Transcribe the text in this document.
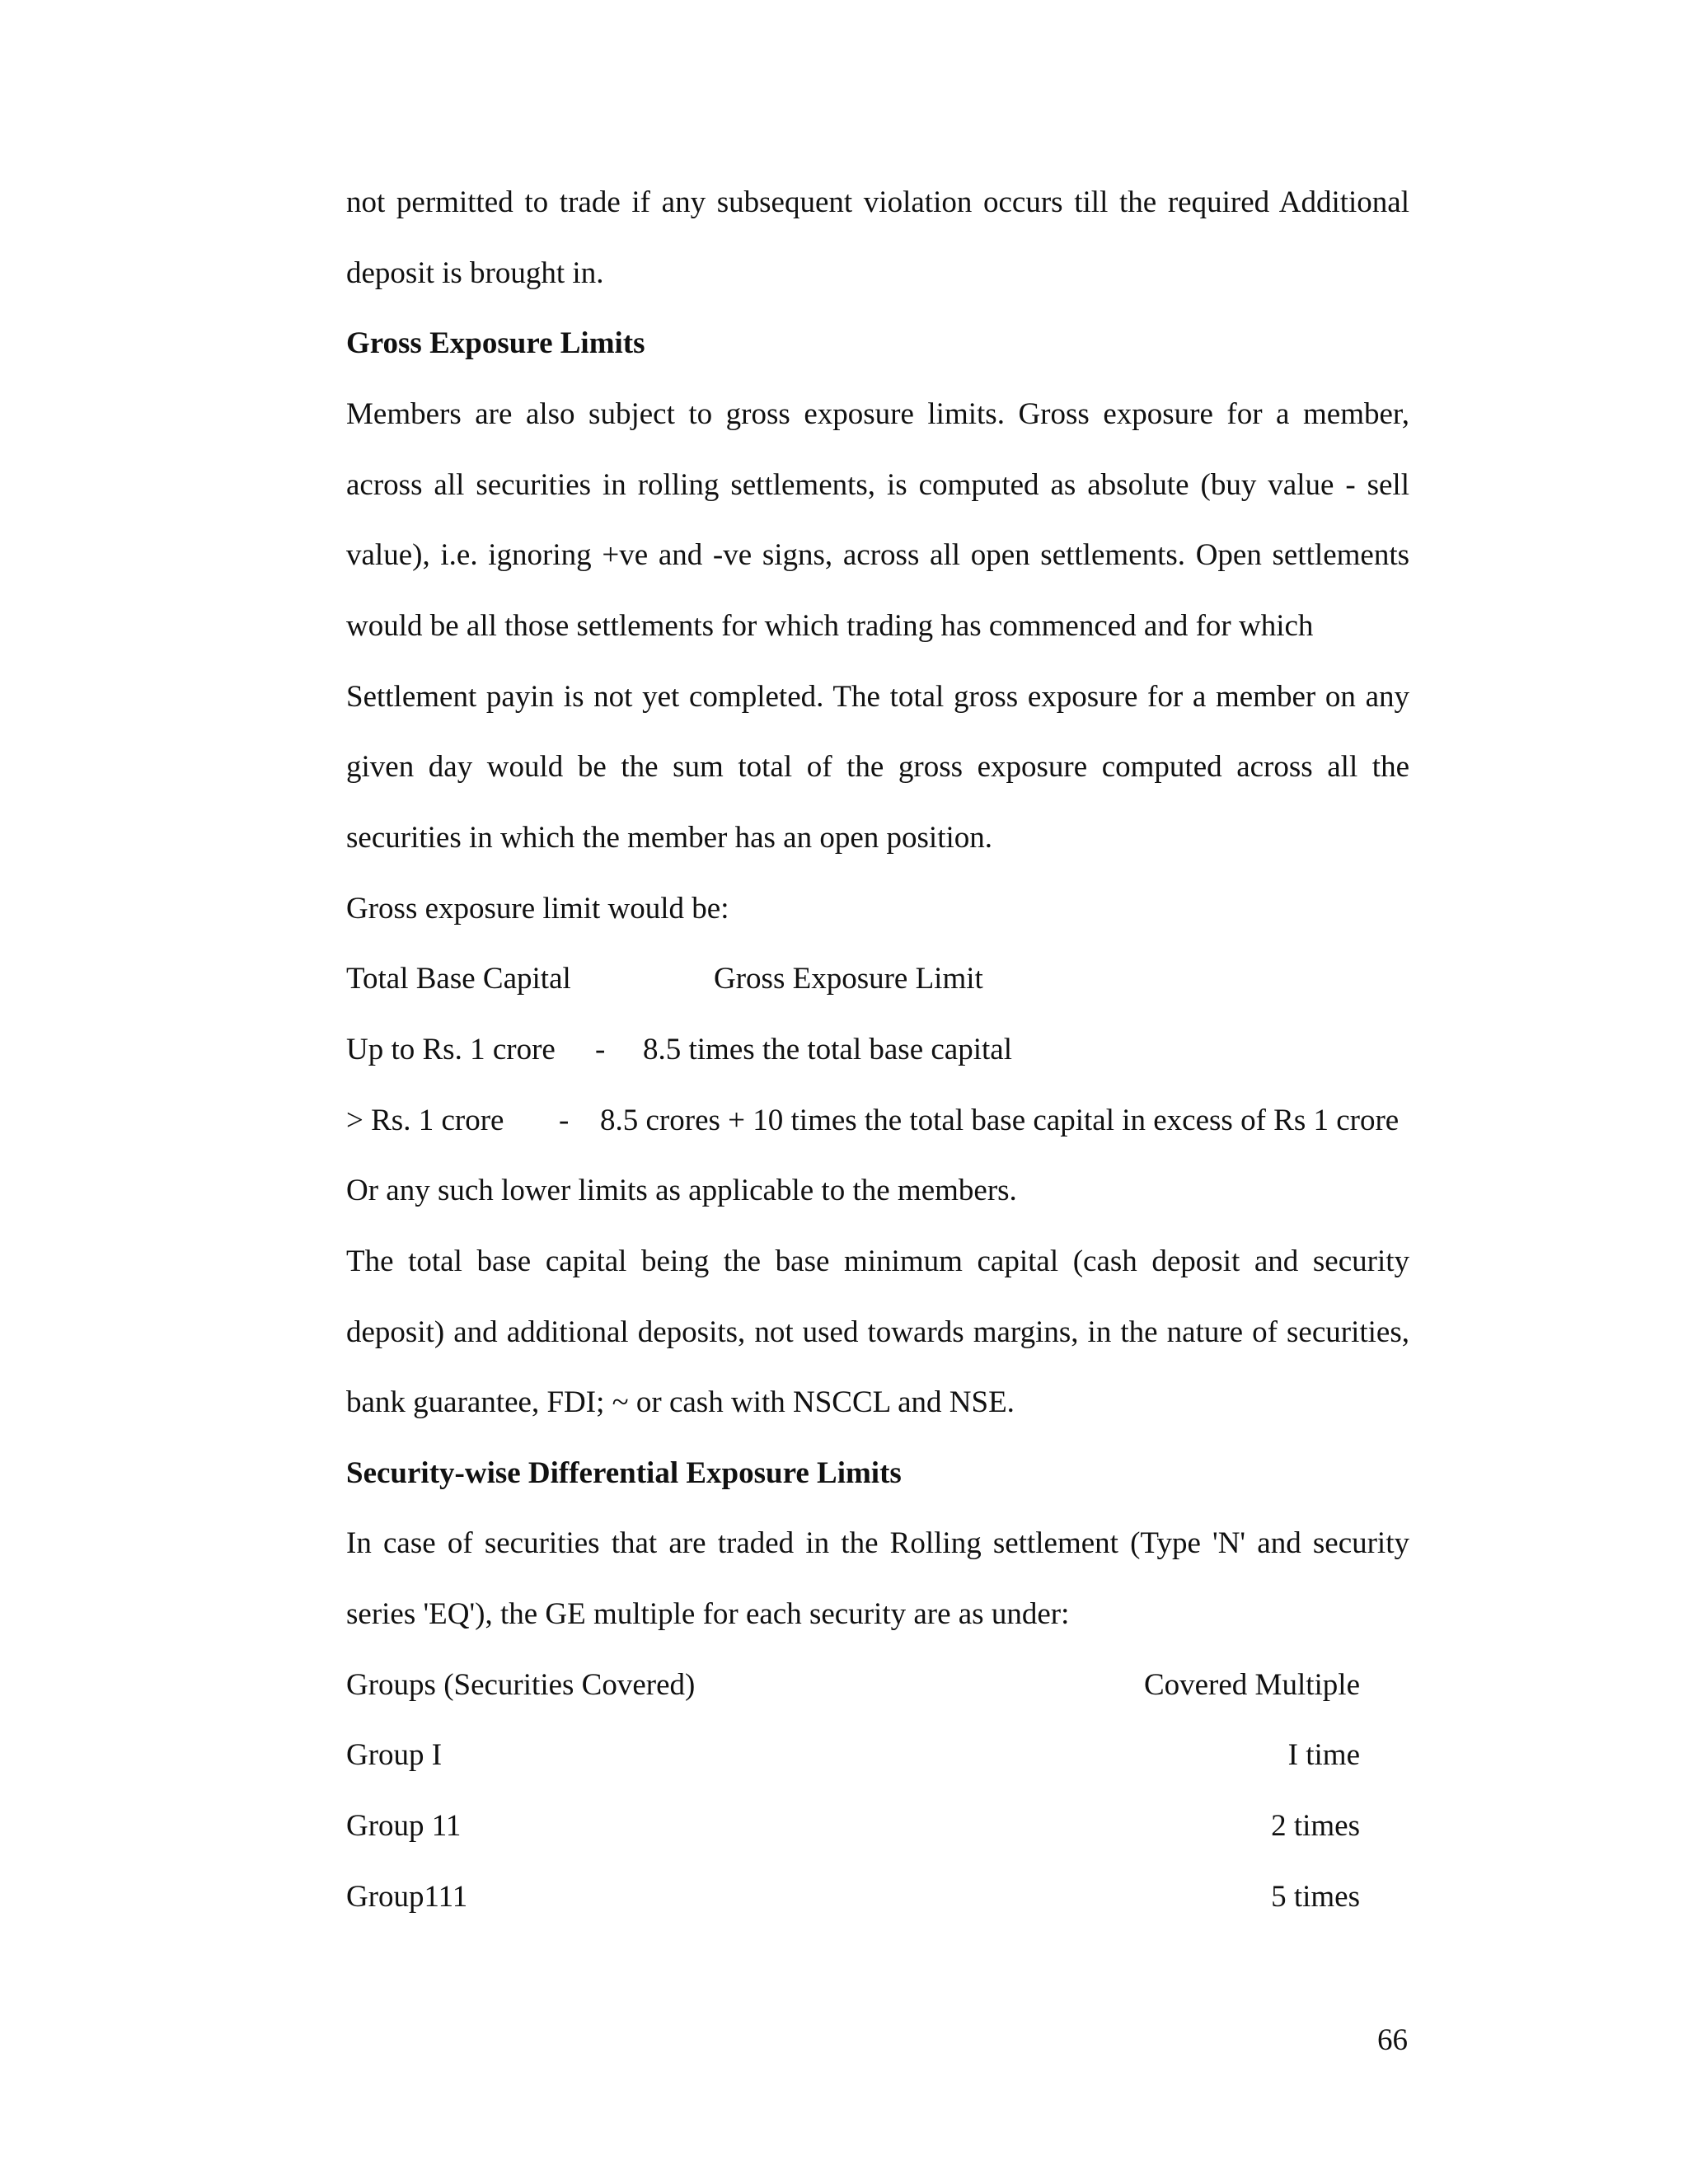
not permitted to trade if any subsequent violation occurs till the required Additional
deposit is brought in.
Gross Exposure Limits
Members are also subject to gross exposure limits. Gross exposure for a member,
across all securities in rolling settlements, is computed as absolute (buy value - sell
value), i.e. ignoring +ve and -ve signs, across all open settlements. Open settlements
would be all those settlements for which trading has commenced and for which
Settlement payin is not yet completed. The total gross exposure for a member on any
given day would be the sum total of the gross exposure computed across all the
securities in which the member has an open position.
Gross exposure limit would be:
Total Base Capital	Gross Exposure Limit
Up to Rs. 1 crore - 8.5 times the total base capital
> Rs. 1 crore - 8.5 crores + 10 times the total base capital in excess of Rs 1 crore
Or any such lower limits as applicable to the members.
The total base capital being the base minimum capital (cash deposit and security
deposit) and additional deposits, not used towards margins, in the nature of securities,
bank guarantee, FDI; ~ or cash with NSCCL and NSE.
Security-wise Differential Exposure Limits
In case of securities that are traded in the Rolling settlement (Type 'N' and security
series 'EQ'), the GE multiple for each security are as under:
Groups (Securities Covered)	Covered Multiple
Group I	I time
Group 11	2 times
Group111	5 times
66
